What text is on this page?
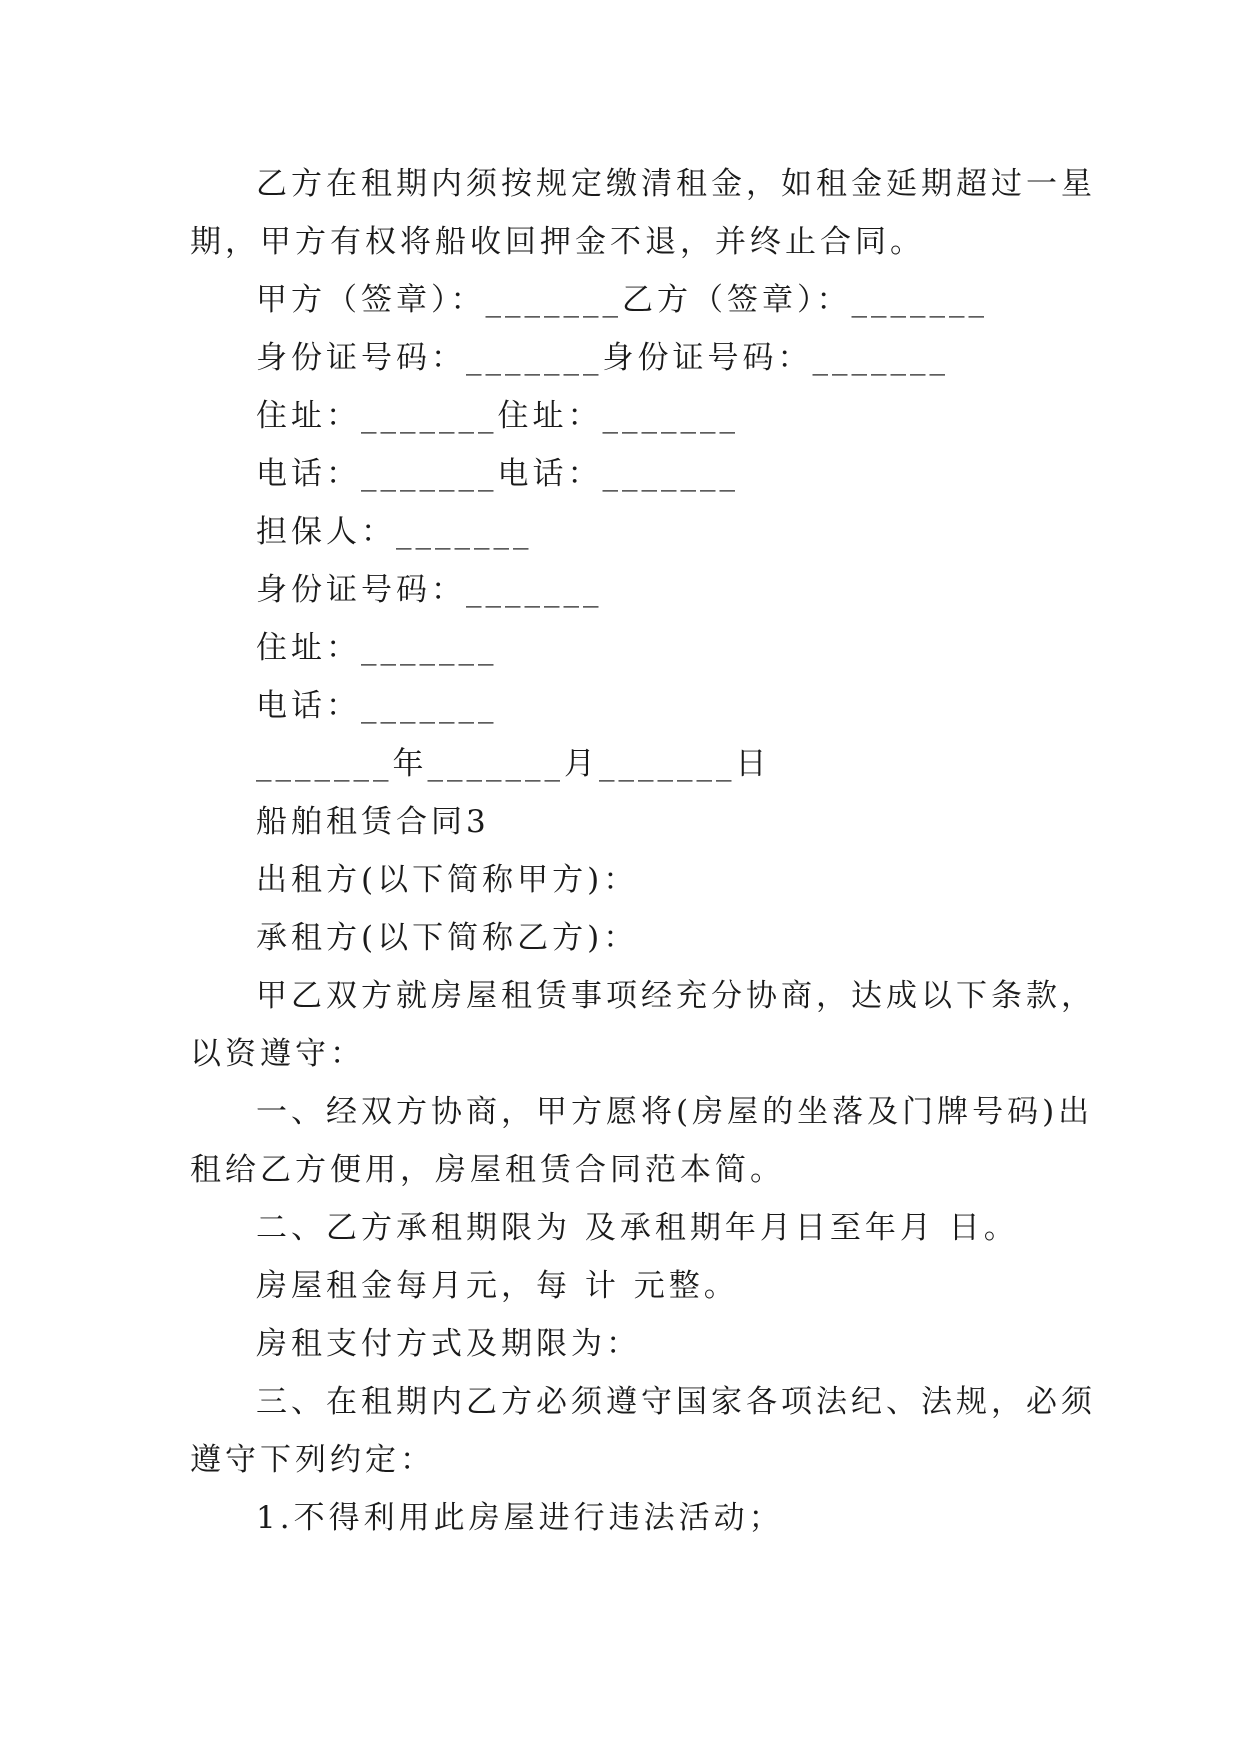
乙方在租期内须按规定缴清租金，如租金延期超过一星
期，甲方有权将船收回押金不退，并终止合同。
甲方（签章）：_______乙方（签章）：_______
身份证号码：_______身份证号码：_______
住址：_______住址：_______
电话：_______电话：_______
担保人：_______
身份证号码：_______
住址：_______
电话：_______
_______年_______月_______日
船舶租赁合同3
出租方(以下简称甲方)：
承租方(以下简称乙方)：
甲乙双方就房屋租赁事项经充分协商，达成以下条款，
以资遵守：
一、经双方协商，甲方愿将(房屋的坐落及门牌号码)出
租给乙方便用，房屋租赁合同范本简。
二、乙方承租期限为 及承租期年月日至年月 日。
房屋租金每月元，每 计 元整。
房租支付方式及期限为：
三、在租期内乙方必须遵守国家各项法纪、法规，必须
遵守下列约定：
1.不得利用此房屋进行违法活动；
